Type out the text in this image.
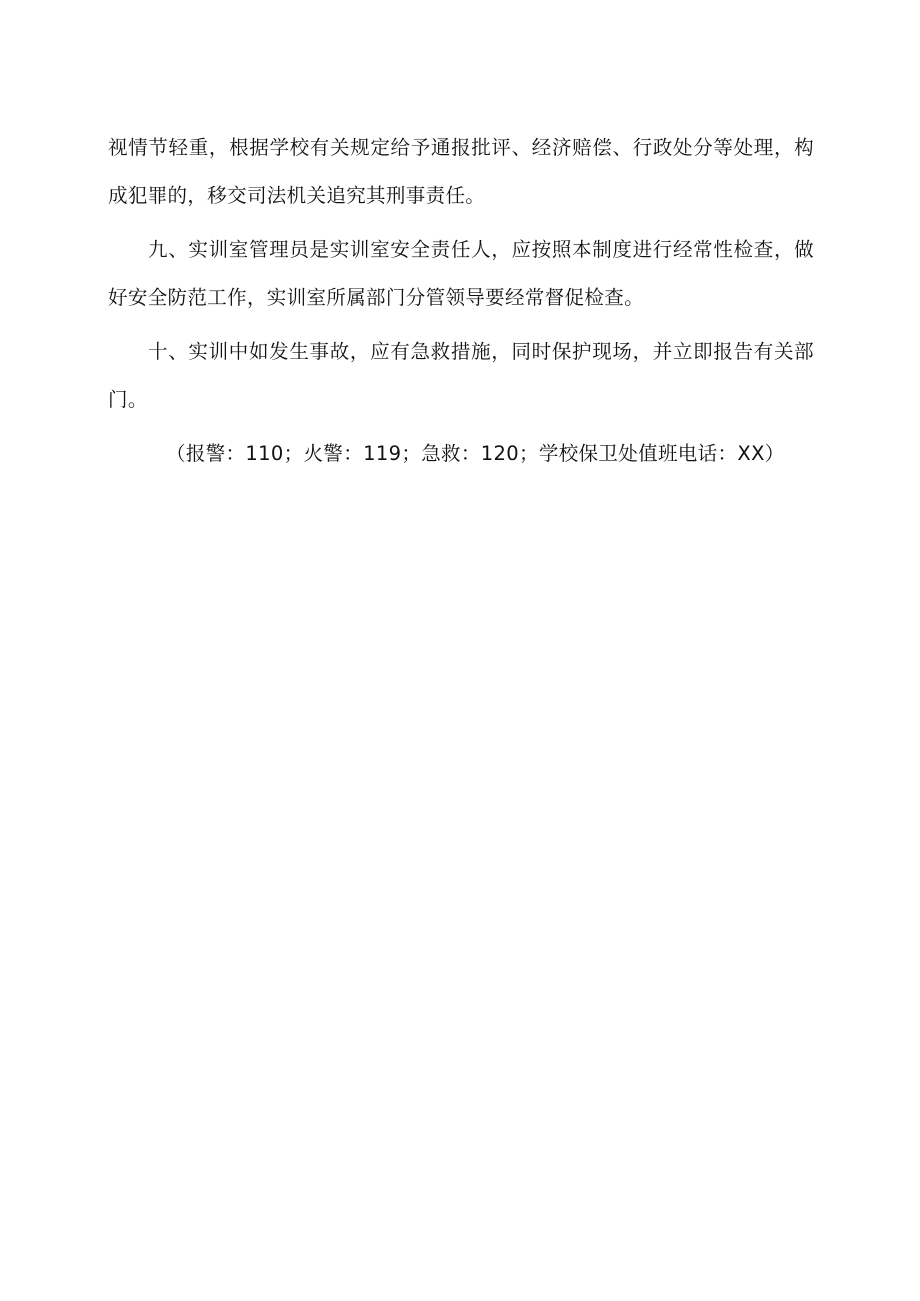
视情节轻重，根据学校有关规定给予通报批评、经济赔偿、行政处分等处理，构成犯罪的，移交司法机关追究其刑事责任。

九、实训室管理员是实训室安全责任人，应按照本制度进行经常性检查，做好安全防范工作，实训室所属部门分管领导要经常督促检查。

十、实训中如发生事故，应有急救措施，同时保护现场，并立即报告有关部门。

（报警：110；火警：119；急救：120；学校保卫处值班电话：XX）
